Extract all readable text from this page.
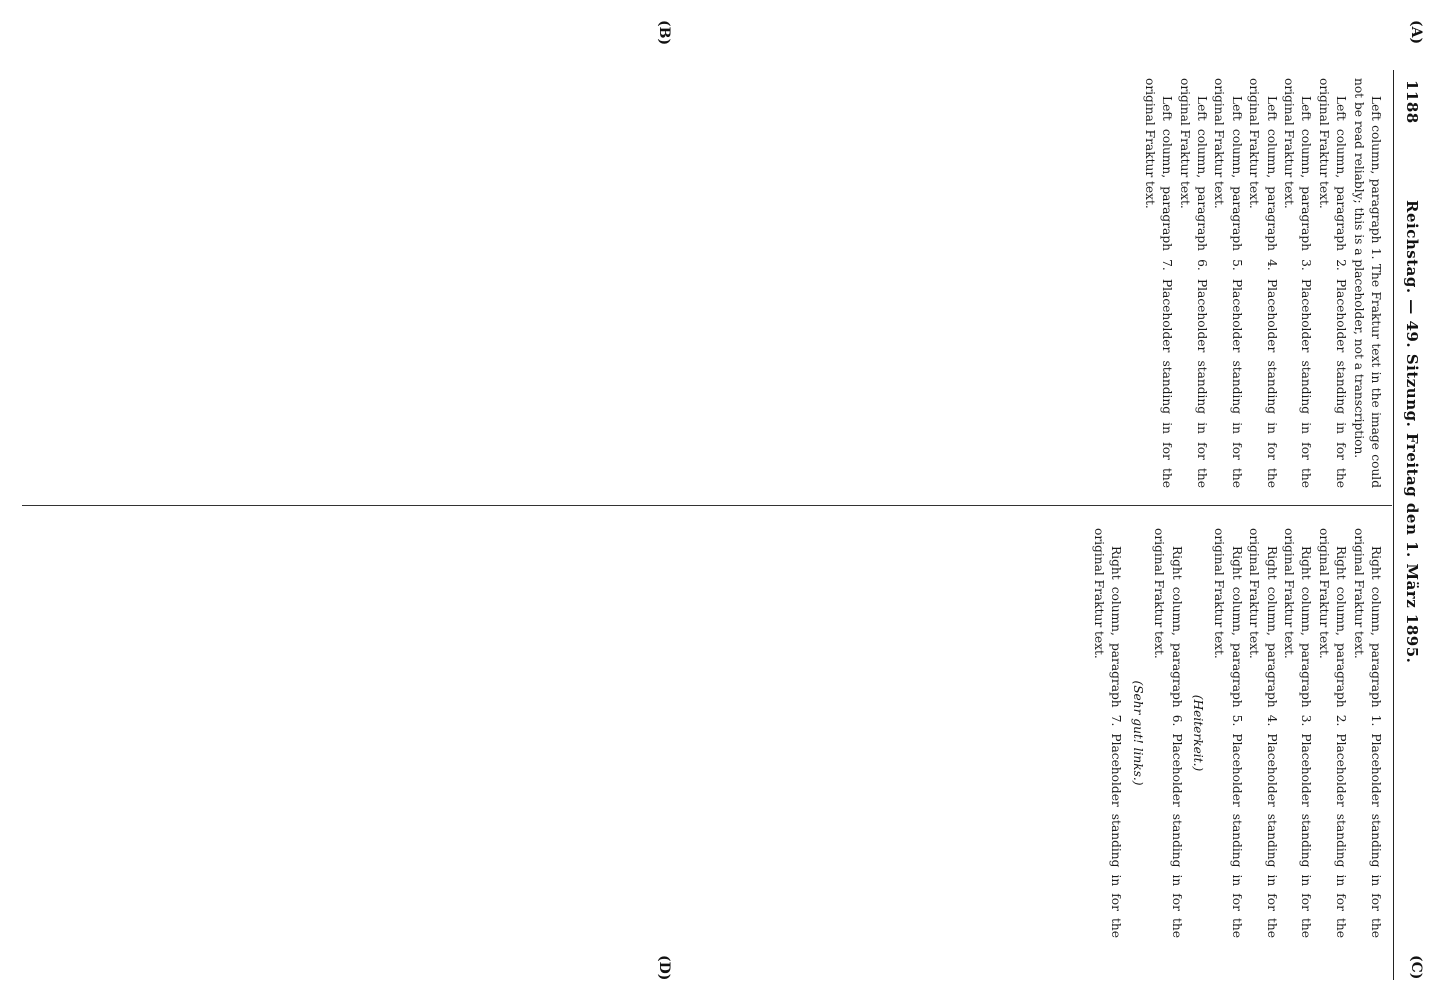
1188
Reichstag. — 49. Sitzung. Freitag den 1. März 1895.
(A)
(B)
(C)
(D)

Left column, paragraph 1. The Fraktur text in the image could not be read reliably; this is a placeholder, not a transcription.

Left column, paragraph 2. Placeholder standing in for the original Fraktur text.

Left column, paragraph 3. Placeholder standing in for the original Fraktur text.

Left column, paragraph 4. Placeholder standing in for the original Fraktur text.

Left column, paragraph 5. Placeholder standing in for the original Fraktur text.

Left column, paragraph 6. Placeholder standing in for the original Fraktur text.

Left column, paragraph 7. Placeholder standing in for the original Fraktur text.

Right column, paragraph 1. Placeholder standing in for the original Fraktur text.

Right column, paragraph 2. Placeholder standing in for the original Fraktur text.

Right column, paragraph 3. Placeholder standing in for the original Fraktur text.

Right column, paragraph 4. Placeholder standing in for the original Fraktur text.

Right column, paragraph 5. Placeholder standing in for the original Fraktur text.

(Heiterkeit.)

Right column, paragraph 6. Placeholder standing in for the original Fraktur text.

(Sehr gut! links.)

Right column, paragraph 7. Placeholder standing in for the original Fraktur text.
